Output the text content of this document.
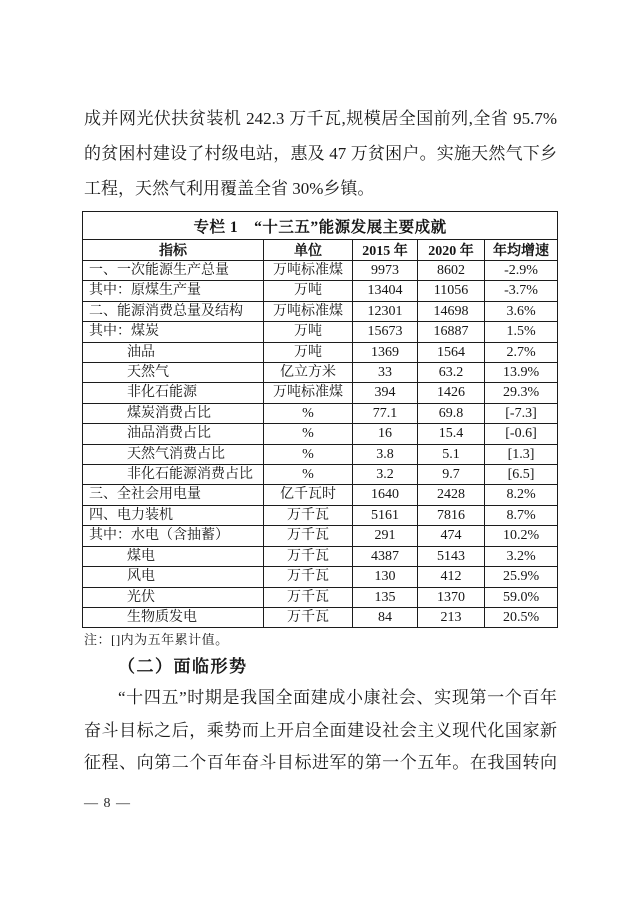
成并网光伏扶贫装机 242.3 万千瓦,规模居全国前列,全省 95.7%
的贫困村建设了村级电站，惠及 47 万贫困户。实施天然气下乡
工程，天然气利用覆盖全省 30%乡镇。
专栏 1　“十三五”能源发展主要成就				
指标	单位	2015 年	2020 年	年均增速
一、一次能源生产总量	万吨标准煤	9973	8602	-2.9%
其中：原煤生产量	万吨	13404	11056	-3.7%
二、能源消费总量及结构	万吨标准煤	12301	14698	3.6%
其中：煤炭	万吨	15673	16887	1.5%
油品	万吨	1369	1564	2.7%
天然气	亿立方米	33	63.2	13.9%
非化石能源	万吨标准煤	394	1426	29.3%
煤炭消费占比	%	77.1	69.8	[-7.3]
油品消费占比	%	16	15.4	[-0.6]
天然气消费占比	%	3.8	5.1	[1.3]
非化石能源消费占比	%	3.2	9.7	[6.5]
三、全社会用电量	亿千瓦时	1640	2428	8.2%
四、电力装机	万千瓦	5161	7816	8.7%
其中：水电（含抽蓄）	万千瓦	291	474	10.2%
煤电	万千瓦	4387	5143	3.2%
风电	万千瓦	130	412	25.9%
光伏	万千瓦	135	1370	59.0%
生物质发电	万千瓦	84	213	20.5%
注：[]内为五年累计值。
（二）面临形势
“十四五”时期是我国全面建成小康社会、实现第一个百年
奋斗目标之后，乘势而上开启全面建设社会主义现代化国家新
征程、向第二个百年奋斗目标进军的第一个五年。在我国转向
— 8 —
